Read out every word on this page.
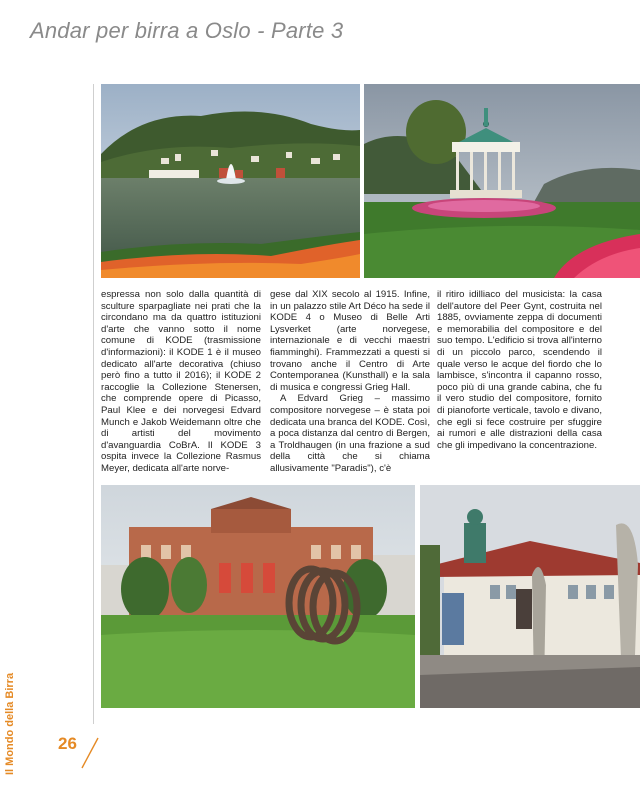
Andar per birra a Oslo - Parte 3

espressa non solo dalla quantità di sculture sparpagliate nei prati che la circondano ma da quattro istituzioni d'arte che vanno sotto il nome comune di KODE (trasmissione d'informazioni): il KODE 1 è il museo dedicato all'arte decorativa (chiuso però fino a tutto il 2016); il KODE 2 raccoglie la Collezione Stenersen, che comprende opere di Picasso, Paul Klee e dei norvegesi Edvard Munch e Jakob Weidemann oltre che di artisti del movimento d'avanguardia CoBrA. Il KODE 3 ospita invece la Collezione Rasmus Meyer, dedicata all'arte norve-

gese dal XIX secolo al 1915. Infine, in un palazzo stile Art Déco ha sede il KODE 4 o Museo di Belle Arti Lysverket (arte norvegese, internazionale e di vecchi maestri fiamminghi). Frammezzati a questi si trovano anche il Centro di Arte Contemporanea (Kunsthall) e la sala di musica e congressi Grieg Hall.

A Edvard Grieg – massimo compositore norvegese – è stata poi dedicata una branca del KODE. Così, a poca distanza dal centro di Bergen, a Troldhaugen (in una frazione a sud della città che si chiama allusivamente "Paradis"), c'è

il ritiro idilliaco del musicista: la casa dell'autore del Peer Gynt, costruita nel 1885, ovviamente zeppa di documenti e memorabilia del compositore e del suo tempo. L'edificio si trova all'interno di un piccolo parco, scendendo il quale verso le acque del fiordo che lo lambisce, s'incontra il capanno rosso, poco più di una grande cabina, che fu il vero studio del compositore, fornito di pianoforte verticale, tavolo e divano, che egli si fece costruire per sfuggire ai rumori e alle distrazioni della casa che gli impedivano la concentrazione.

Il Mondo della Birra	26
